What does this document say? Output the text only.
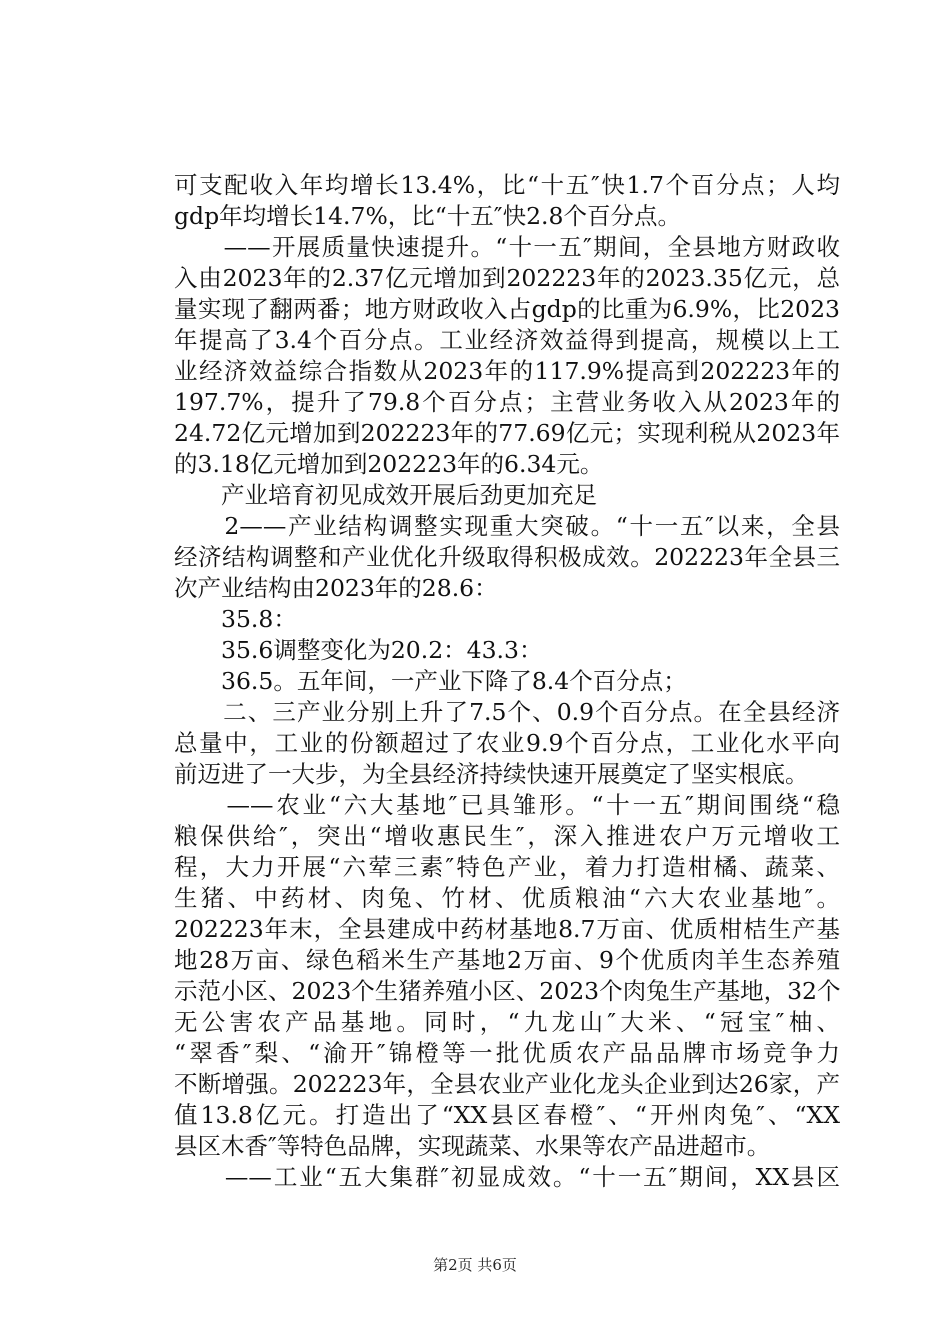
可支配收入年均增长13.4%，比“十五″快1.7个百分点；人均
gdp年均增长14.7%，比“十五″快2.8个百分点。
　　——开展质量快速提升。“十一五″期间，全县地方财政收
入由2023年的2.37亿元增加到202223年的2023.35亿元，总
量实现了翻两番；地方财政收入占gdp的比重为6.9%，比2023
年提高了3.4个百分点。工业经济效益得到提高，规模以上工
业经济效益综合指数从2023年的117.9%提高到202223年的
197.7%，提升了79.8个百分点；主营业务收入从2023年的
24.72亿元增加到202223年的77.69亿元；实现利税从2023年
的3.18亿元增加到202223年的6.34元。
　　产业培育初见成效开展后劲更加充足
　　2——产业结构调整实现重大突破。“十一五″以来，全县
经济结构调整和产业优化升级取得积极成效。202223年全县三
次产业结构由2023年的28.6：
　　35.8：
　　35.6调整变化为20.2：43.3：
　　36.5。五年间，一产业下降了8.4个百分点；
　　二、三产业分别上升了7.5个、0.9个百分点。在全县经济
总量中，工业的份额超过了农业9.9个百分点，工业化水平向
前迈进了一大步，为全县经济持续快速开展奠定了坚实根底。
　　——农业“六大基地″已具雏形。“十一五″期间围绕“稳
粮保供给″，突出“增收惠民生″，深入推进农户万元增收工
程，大力开展“六荤三素″特色产业，着力打造柑橘、蔬菜、
生猪、中药材、肉兔、竹材、优质粮油“六大农业基地″。
202223年末，全县建成中药材基地8.7万亩、优质柑桔生产基
地28万亩、绿色稻米生产基地2万亩、9个优质肉羊生态养殖
示范小区、2023个生猪养殖小区、2023个肉兔生产基地，32个
无公害农产品基地。同时，“九龙山″大米、“冠宝″柚、
“翠香″梨、“渝开″锦橙等一批优质农产品品牌市场竞争力
不断增强。202223年，全县农业产业化龙头企业到达26家，产
值13.8亿元。打造出了“XX县区春橙″、“开州肉兔″、“XX
县区木香″等特色品牌，实现蔬菜、水果等农产品进超市。
　　——工业“五大集群″初显成效。“十一五″期间，XX县区
第2页 共6页
